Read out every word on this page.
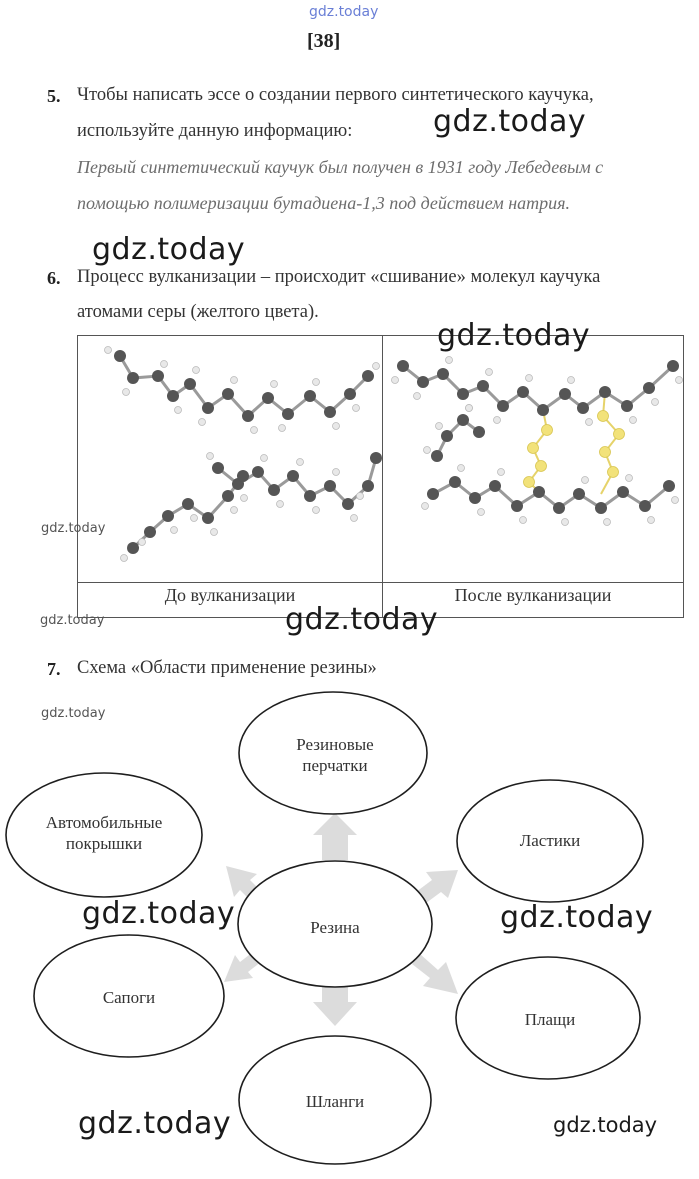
gdz.today
[38]
5. Чтобы написать эссе о создании первого синтетического каучука,
используйте данную информацию:	gdz.today
Первый синтетический каучук был получен в 1931 году Лебедевым с
помощью полимеризации бутадиена-1,3 под действием натрия.
gdz.today
6. Процесс вулканизации – происходит «сшивание» молекул каучука
атомами серы (желтого цвета).
До вулканизации	После вулканизации
gdz.today
gdz.today
gdz.today	gdz.today
7. Схема «Области применение резины»
gdz.today
Резиновые
перчатки
Автомобильные
покрышки	Ластики
Резина
Сапоги
Плащи
Шланги
gdz.today	gdz.today
gdz.today	gdz.today
